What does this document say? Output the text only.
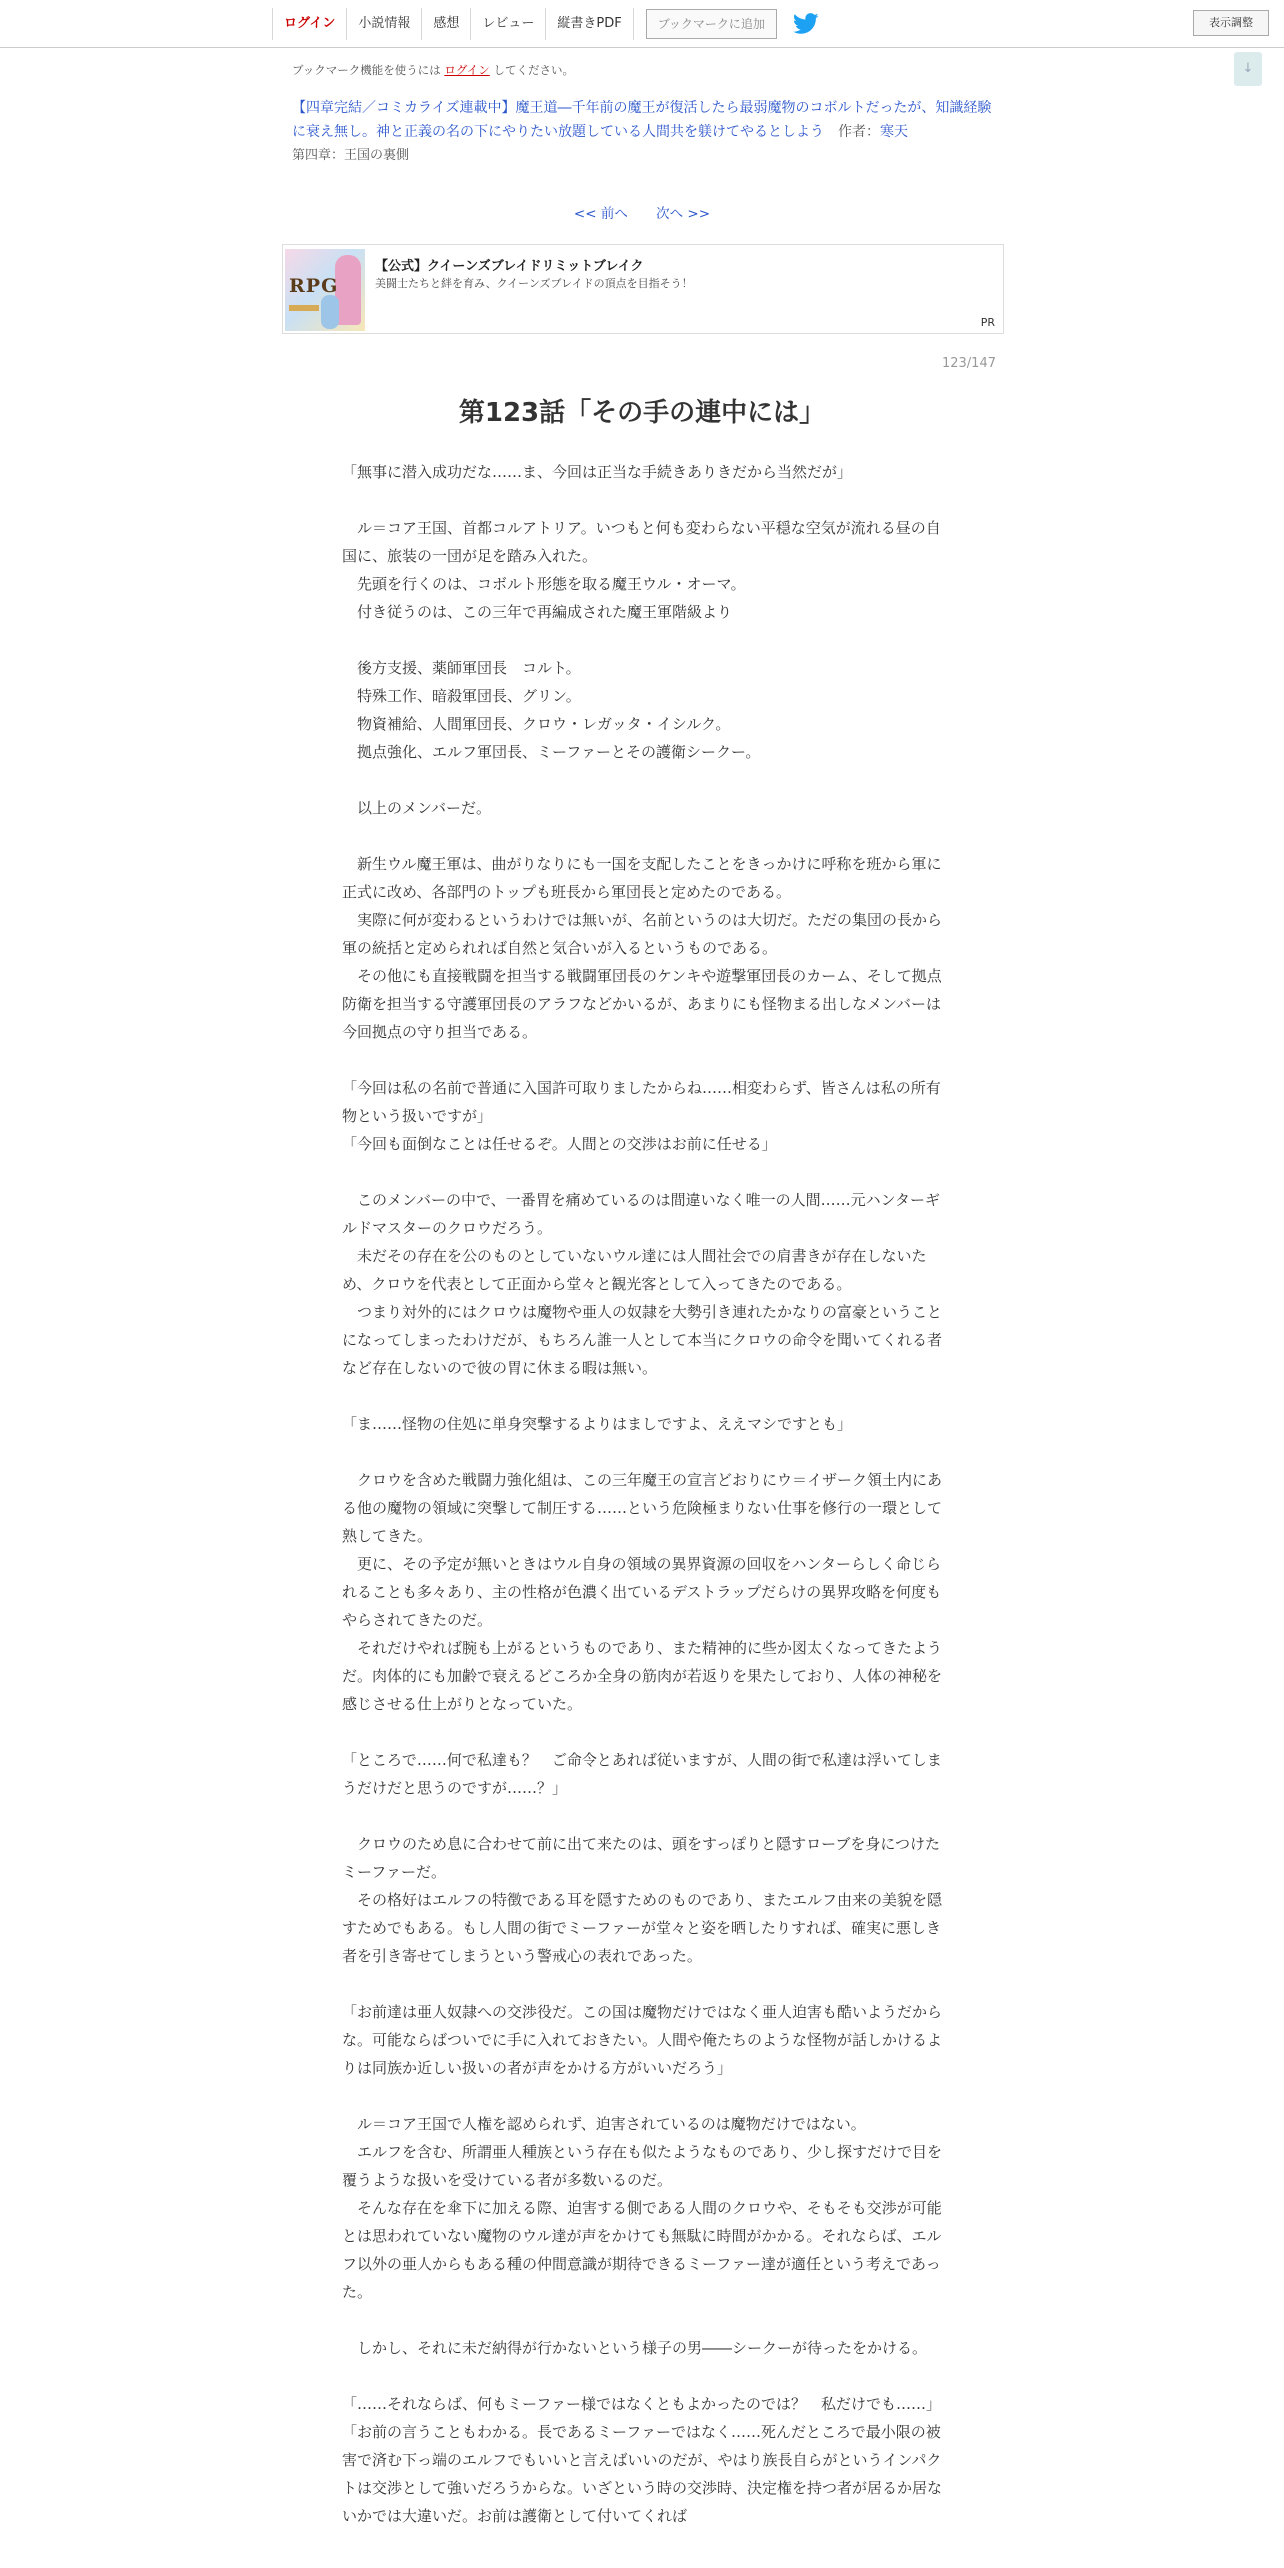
ログイン	小説情報	感想	レビュー	縦書きPDF	ブックマークに追加	表示調整
↓
ブックマーク機能を使うには ログイン してください。
【四章完結／コミカライズ連載中】魔王道―千年前の魔王が復活したら最弱魔物のコボルトだったが、知識経験に衰え無し。神と正義の名の下にやりたい放題している人間共を躾けてやるとしよう 作者：寒天
第四章：王国の裏側
<< 前へ 次へ >>
RPG
【公式】クイーンズブレイドリミットブレイク
美闘士たちと絆を育み、クイーンズブレイドの頂点を目指そう！
PR
123/147
第123話「その手の連中には」

「無事に潜入成功だな……ま、今回は正当な手続きありきだから当然だが」

　ル＝コア王国、首都コルアトリア。いつもと何も変わらない平穏な空気が流れる昼の自国に、旅装の一団が足を踏み入れた。

　先頭を行くのは、コボルト形態を取る魔王ウル・オーマ。

　付き従うのは、この三年で再編成された魔王軍階級より

　後方支援、薬師軍団長　コルト。

　特殊工作、暗殺軍団長、グリン。

　物資補給、人間軍団長、クロウ・レガッタ・イシルク。

　拠点強化、エルフ軍団長、ミーファーとその護衛シークー。

　以上のメンバーだ。

　新生ウル魔王軍は、曲がりなりにも一国を支配したことをきっかけに呼称を班から軍に正式に改め、各部門のトップも班長から軍団長と定めたのである。

　実際に何が変わるというわけでは無いが、名前というのは大切だ。ただの集団の長から軍の統括と定められれば自然と気合いが入るというものである。

　その他にも直接戦闘を担当する戦闘軍団長のケンキや遊撃軍団長のカーム、そして拠点防衛を担当する守護軍団長のアラフなどかいるが、あまりにも怪物まる出しなメンバーは今回拠点の守り担当である。

「今回は私の名前で普通に入国許可取りましたからね……相変わらず、皆さんは私の所有物という扱いですが」

「今回も面倒なことは任せるぞ。人間との交渉はお前に任せる」

　このメンバーの中で、一番胃を痛めているのは間違いなく唯一の人間……元ハンターギルドマスターのクロウだろう。

　未だその存在を公のものとしていないウル達には人間社会での肩書きが存在しないため、クロウを代表として正面から堂々と観光客として入ってきたのである。

　つまり対外的にはクロウは魔物や亜人の奴隷を大勢引き連れたかなりの富豪ということになってしまったわけだが、もちろん誰一人として本当にクロウの命令を聞いてくれる者など存在しないので彼の胃に休まる暇は無い。

「ま……怪物の住処に単身突撃するよりはましですよ、ええマシですとも」

　クロウを含めた戦闘力強化組は、この三年魔王の宣言どおりにウ＝イザーク領土内にある他の魔物の領域に突撃して制圧する……という危険極まりない仕事を修行の一環として熟してきた。

　更に、その予定が無いときはウル自身の領域の異界資源の回収をハンターらしく命じられることも多々あり、主の性格が色濃く出ているデストラップだらけの異界攻略を何度もやらされてきたのだ。

　それだけやれば腕も上がるというものであり、また精神的に些か図太くなってきたようだ。肉体的にも加齢で衰えるどころか全身の筋肉が若返りを果たしており、人体の神秘を感じさせる仕上がりとなっていた。

「ところで……何で私達も？　ご命令とあれば従いますが、人間の街で私達は浮いてしまうだけだと思うのですが……？」

　クロウのため息に合わせて前に出て来たのは、頭をすっぽりと隠すローブを身につけたミーファーだ。

　その格好はエルフの特徴である耳を隠すためのものであり、またエルフ由来の美貌を隠すためでもある。もし人間の街でミーファーが堂々と姿を晒したりすれば、確実に悪しき者を引き寄せてしまうという警戒心の表れであった。

「お前達は亜人奴隷への交渉役だ。この国は魔物だけではなく亜人迫害も酷いようだからな。可能ならばついでに手に入れておきたい。人間や俺たちのような怪物が話しかけるよりは同族か近しい扱いの者が声をかける方がいいだろう」

　ル＝コア王国で人権を認められず、迫害されているのは魔物だけではない。

　エルフを含む、所謂亜人種族という存在も似たようなものであり、少し探すだけで目を覆うような扱いを受けている者が多数いるのだ。

　そんな存在を傘下に加える際、迫害する側である人間のクロウや、そもそも交渉が可能とは思われていない魔物のウル達が声をかけても無駄に時間がかかる。それならば、エルフ以外の亜人からもある種の仲間意識が期待できるミーファー達が適任という考えであった。

　しかし、それに未だ納得が行かないという様子の男――シークーが待ったをかける。

「……それならば、何もミーファー様ではなくともよかったのでは？　私だけでも……」

「お前の言うこともわかる。長であるミーファーではなく……死んだところで最小限の被害で済む下っ端のエルフでもいいと言えばいいのだが、やはり族長自らがというインパクトは交渉として強いだろうからな。いざという時の交渉時、決定権を持つ者が居るか居ないかでは大違いだ。お前は護衛として付いてくれば
